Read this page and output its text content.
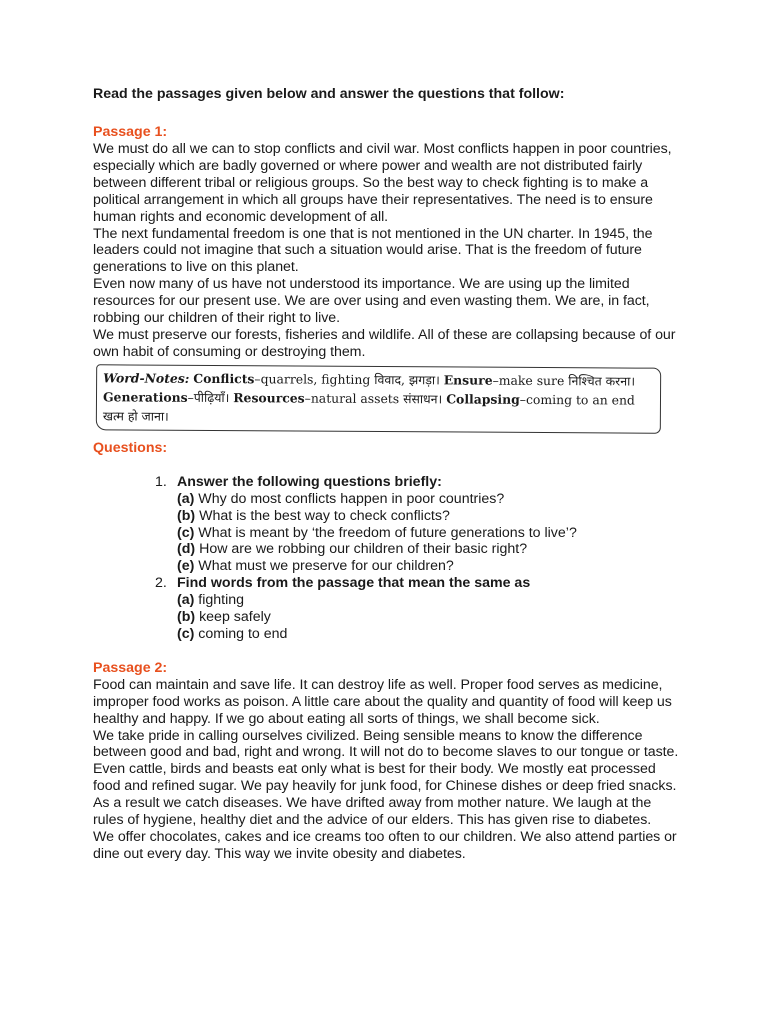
Read the passages given below and answer the questions that follow:

Passage 1:

We must do all we can to stop conflicts and civil war. Most conflicts happen in poor countries, especially which are badly governed or where power and wealth are not distributed fairly between different tribal or religious groups. So the best way to check fighting is to make a political arrangement in which all groups have their representatives. The need is to ensure human rights and economic development of all.

The next fundamental freedom is one that is not mentioned in the UN charter. In 1945, the leaders could not imagine that such a situation would arise. That is the freedom of future generations to live on this planet.

Even now many of us have not understood its importance. We are using up the limited resources for our present use. We are over using and even wasting them. We are, in fact, robbing our children of their right to live.

We must preserve our forests, fisheries and wildlife. All of these are collapsing because of our own habit of consuming or destroying them.

Word-Notes: Conflicts–quarrels, fighting विवाद, झगड़ा। Ensure–make sure निश्चित करना। Generations–पीढ़ियाँ। Resources–natural assets संसाधन। Collapsing–coming to an end खत्म हो जाना।

Questions:

1. Answer the following questions briefly:
(a) Why do most conflicts happen in poor countries?
(b) What is the best way to check conflicts?
(c) What is meant by ‘the freedom of future generations to live’?
(d) How are we robbing our children of their basic right?
(e) What must we preserve for our children?
2. Find words from the passage that mean the same as
(a) fighting
(b) keep safely
(c) coming to end

Passage 2:

Food can maintain and save life. It can destroy life as well. Proper food serves as medicine, improper food works as poison. A little care about the quality and quantity of food will keep us healthy and happy. If we go about eating all sorts of things, we shall become sick.

We take pride in calling ourselves civilized. Being sensible means to know the difference between good and bad, right and wrong. It will not do to become slaves to our tongue or taste. Even cattle, birds and beasts eat only what is best for their body. We mostly eat processed food and refined sugar. We pay heavily for junk food, for Chinese dishes or deep fried snacks. As a result we catch diseases. We have drifted away from mother nature. We laugh at the rules of hygiene, healthy diet and the advice of our elders. This has given rise to diabetes.

We offer chocolates, cakes and ice creams too often to our children. We also attend parties or dine out every day. This way we invite obesity and diabetes.
